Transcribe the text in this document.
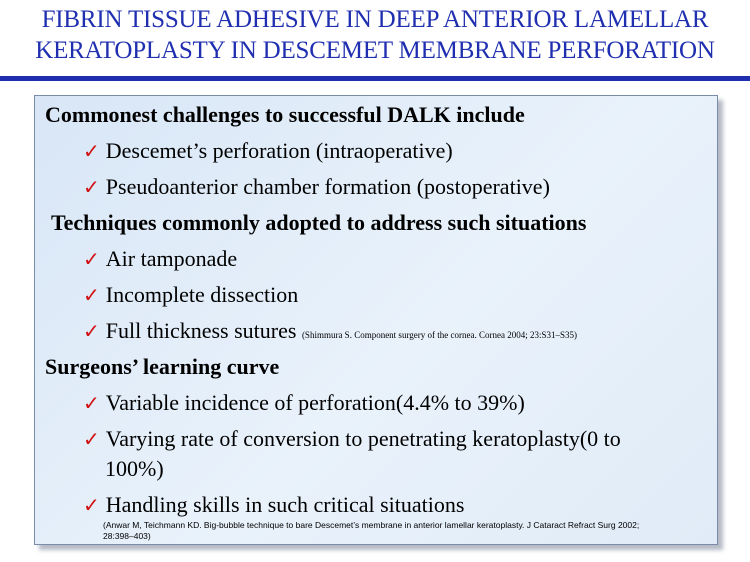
FIBRIN TISSUE ADHESIVE IN DEEP ANTERIOR LAMELLAR

KERATOPLASTY IN DESCEMET MEMBRANE PERFORATION

Commonest challenges to successful DALK include
✓ Descemet’s perforation (intraoperative)
✓ Pseudoanterior chamber formation (postoperative)
Techniques commonly adopted to address such situations
✓ Air tamponade
✓ Incomplete dissection
✓ Full thickness sutures (Shimmura S. Component surgery of the cornea. Cornea 2004; 23:S31–S35)
Surgeons’ learning curve
✓ Variable incidence of perforation(4.4% to 39%)
✓ Varying rate of conversion to penetrating keratoplasty(0 to
100%)
✓ Handling skills in such critical situations
(Anwar M, Teichmann KD. Big-bubble technique to bare Descemet’s membrane in anterior lamellar keratoplasty. J Cataract Refract Surg 2002;
28:398–403)
